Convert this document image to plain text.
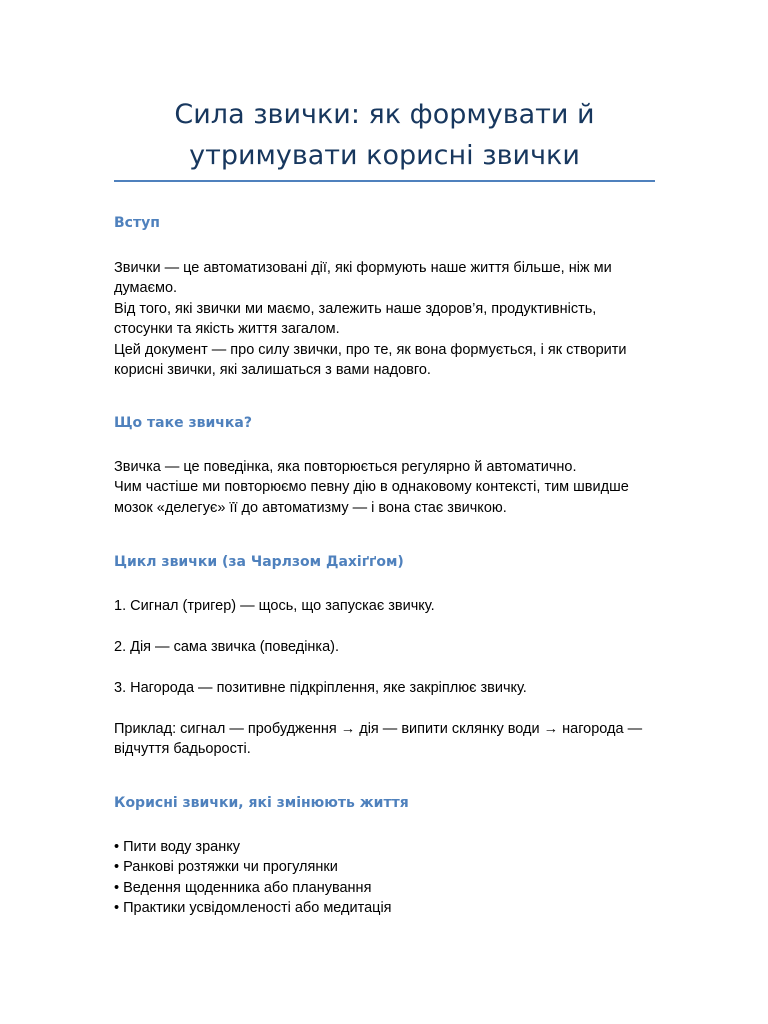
Сила звички: як формувати й утримувати корисні звички
Вступ
Звички — це автоматизовані дії, які формують наше життя більше, ніж ми думаємо.
Від того, які звички ми маємо, залежить наше здоров’я, продуктивність, стосунки та якість життя загалом.
Цей документ — про силу звички, про те, як вона формується, і як створити корисні звички, які залишаться з вами надовго.
Що таке звичка?
Звичка — це поведінка, яка повторюється регулярно й автоматично.
Чим частіше ми повторюємо певну дію в однаковому контексті, тим швидше мозок «делегує» її до автоматизму — і вона стає звичкою.
Цикл звички (за Чарлзом Дахіґґом)

1. Сигнал (тригер) — щось, що запускає звичку.

2. Дія — сама звичка (поведінка).

3. Нагорода — позитивне підкріплення, яке закріплює звичку.

Приклад: сигнал — пробудження → дія — випити склянку води → нагорода — відчуття бадьорості.

Корисні звички, які змінюють життя
• Пити воду зранку
• Ранкові розтяжки чи прогулянки
• Ведення щоденника або планування
• Практики усвідомленості або медитація
